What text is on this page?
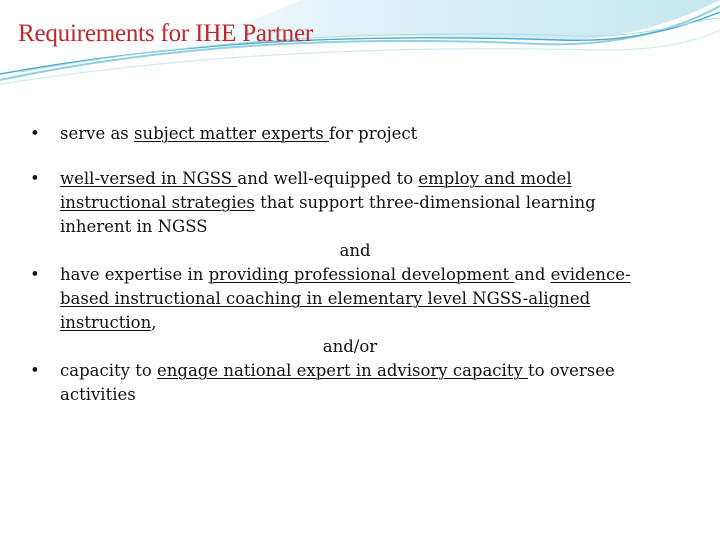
Requirements for IHE Partner

• serve as subject matter experts for project

• well-versed in NGSS and well-equipped to employ and model instructional strategies that support three-dimensional learning inherent in NGSS

and

• have expertise in providing professional development and evidence-based instructional coaching in elementary level NGSS-aligned instruction,

and/or

• capacity to engage national expert in advisory capacity to oversee activities
